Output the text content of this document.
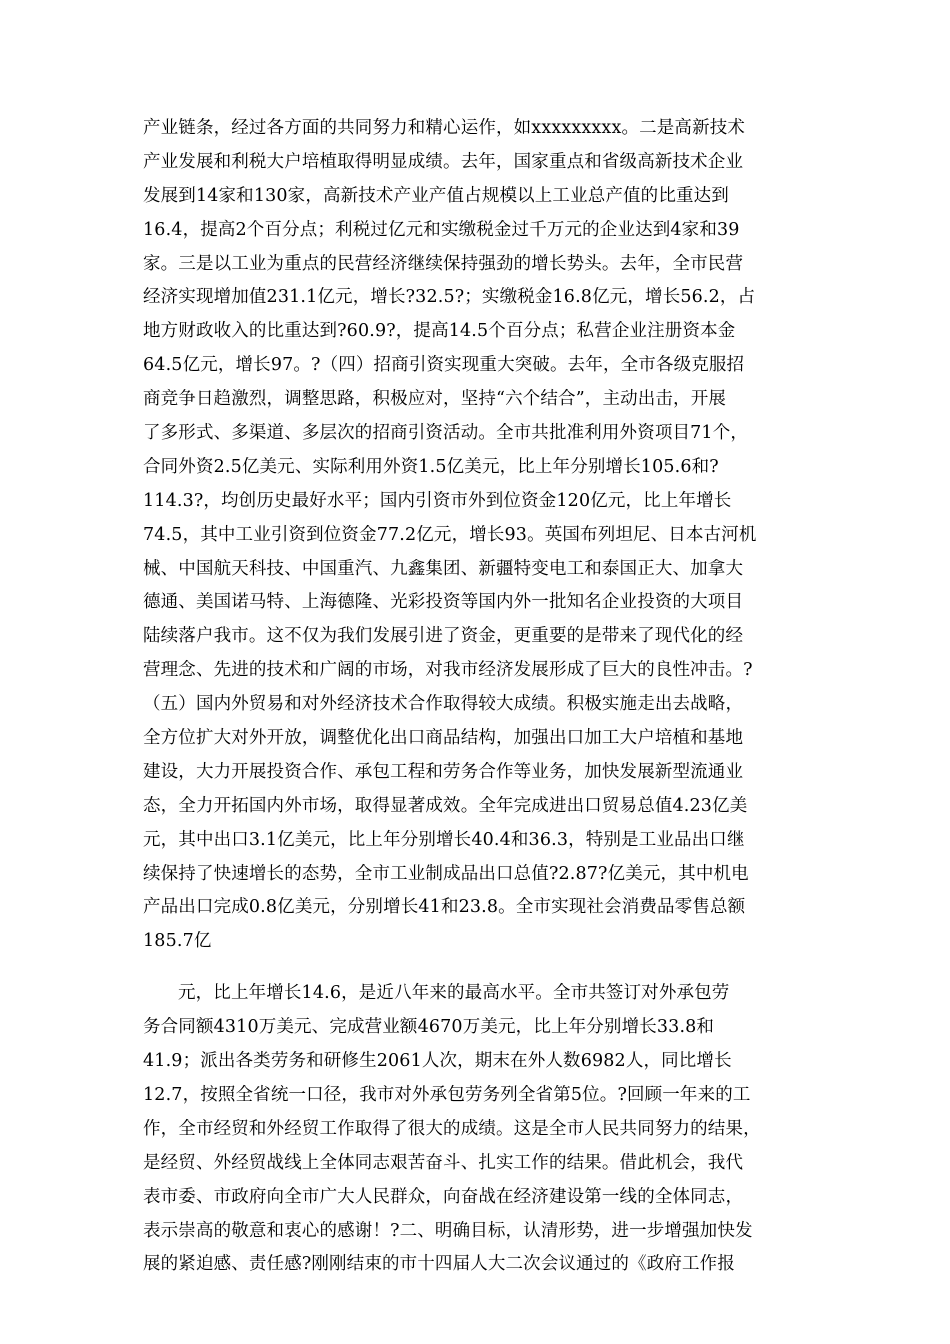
产业链条，经过各方面的共同努力和精心运作，如xxxxxxxxx。二是高新技术
产业发展和利税大户培植取得明显成绩。去年，国家重点和省级高新技术企业
发展到14家和130家，高新技术产业产值占规模以上工业总产值的比重达到
16.4，提高2个百分点；利税过亿元和实缴税金过千万元的企业达到4家和39
家。三是以工业为重点的民营经济继续保持强劲的增长势头。去年，全市民营
经济实现增加值231.1亿元，增长?32.5?；实缴税金16.8亿元，增长56.2，占
地方财政收入的比重达到?60.9?，提高14.5个百分点；私营企业注册资本金
64.5亿元，增长97。?（四）招商引资实现重大突破。去年，全市各级克服招
商竞争日趋激烈，调整思路，积极应对，坚持“六个结合”，主动出击，开展
了多形式、多渠道、多层次的招商引资活动。全市共批准利用外资项目71个，
合同外资2.5亿美元、实际利用外资1.5亿美元，比上年分别增长105.6和?
114.3?，均创历史最好水平；国内引资市外到位资金120亿元，比上年增长
74.5，其中工业引资到位资金77.2亿元，增长93。英国布列坦尼、日本古河机
械、中国航天科技、中国重汽、九鑫集团、新疆特变电工和泰国正大、加拿大
德通、美国诺马特、上海德隆、光彩投资等国内外一批知名企业投资的大项目
陆续落户我市。这不仅为我们发展引进了资金，更重要的是带来了现代化的经
营理念、先进的技术和广阔的市场，对我市经济发展形成了巨大的良性冲击。?
（五）国内外贸易和对外经济技术合作取得较大成绩。积极实施走出去战略，
全方位扩大对外开放，调整优化出口商品结构，加强出口加工大户培植和基地
建设，大力开展投资合作、承包工程和劳务合作等业务，加快发展新型流通业
态，全力开拓国内外市场，取得显著成效。全年完成进出口贸易总值4.23亿美
元，其中出口3.1亿美元，比上年分别增长40.4和36.3，特别是工业品出口继
续保持了快速增长的态势，全市工业制成品出口总值?2.87?亿美元，其中机电
产品出口完成0.8亿美元，分别增长41和23.8。全市实现社会消费品零售总额
185.7亿
元，比上年增长14.6，是近八年来的最高水平。全市共签订对外承包劳
务合同额4310万美元、完成营业额4670万美元，比上年分别增长33.8和
41.9；派出各类劳务和研修生2061人次，期末在外人数6982人，同比增长
12.7，按照全省统一口径，我市对外承包劳务列全省第5位。?回顾一年来的工
作，全市经贸和外经贸工作取得了很大的成绩。这是全市人民共同努力的结果，
是经贸、外经贸战线上全体同志艰苦奋斗、扎实工作的结果。借此机会，我代
表市委、市政府向全市广大人民群众，向奋战在经济建设第一线的全体同志，
表示崇高的敬意和衷心的感谢！?二、明确目标，认清形势，进一步增强加快发
展的紧迫感、责任感?刚刚结束的市十四届人大二次会议通过的《政府工作报
